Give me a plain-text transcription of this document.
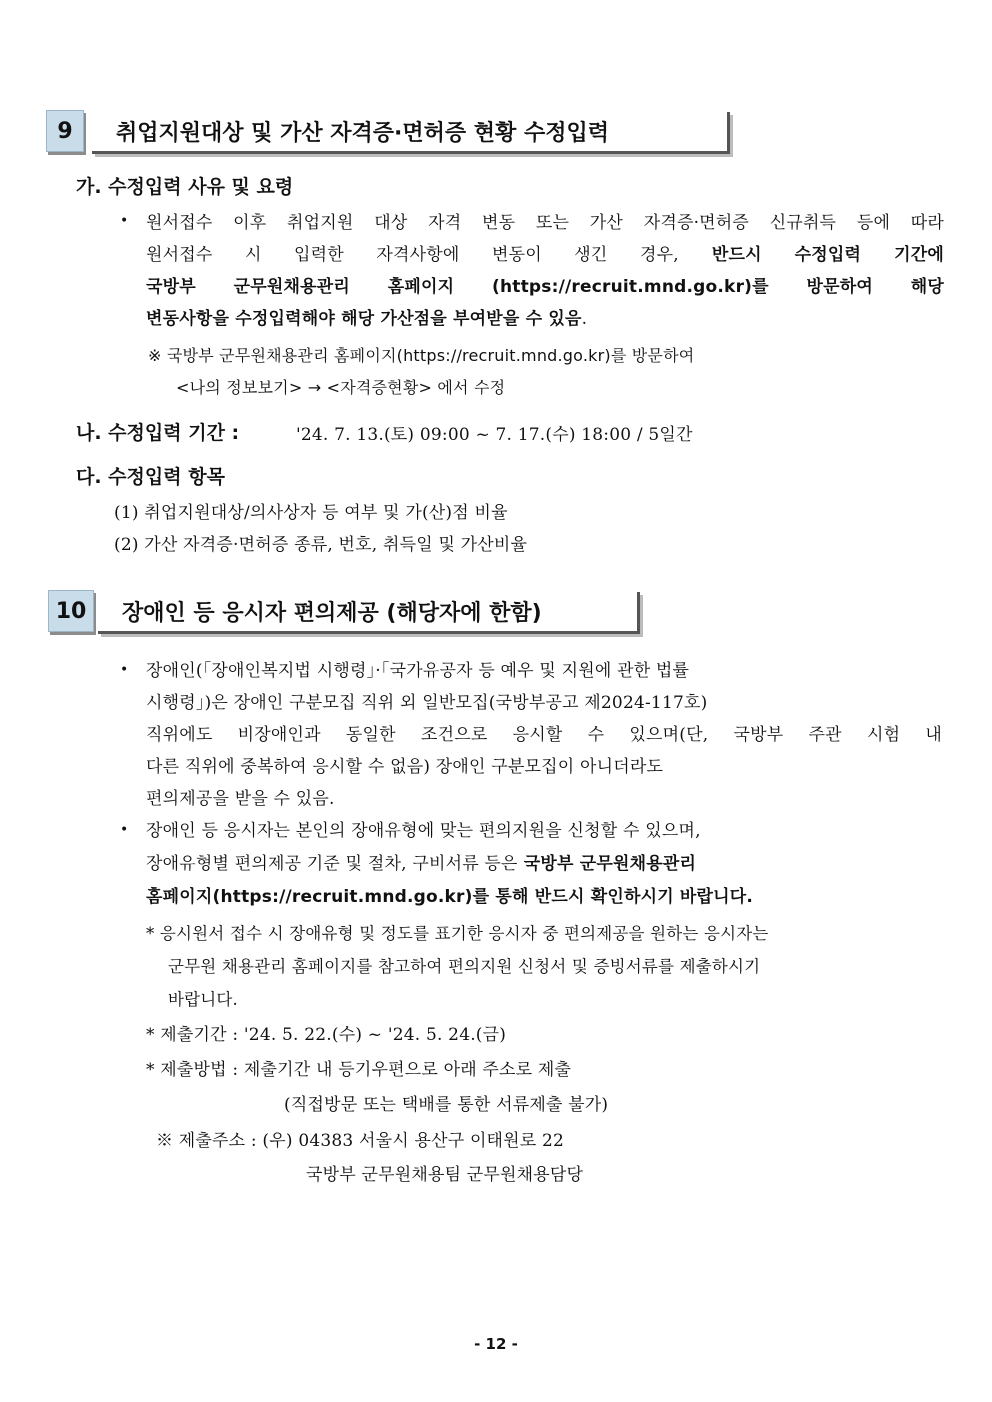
9	취업지원대상 및 가산 자격증·면허증 현황 수정입력
가. 수정입력 사유 및 요령
• 원서접수 이후 취업지원 대상 자격 변동 또는 가산 자격증·면허증 신규취득 등에 따라
원서접수 시 입력한 자격사항에 변동이 생긴 경우, 반드시 수정입력 기간에
국방부 군무원채용관리 홈페이지 (https://recruit.mnd.go.kr)를 방문하여 해당
변동사항을 수정입력해야 해당 가산점을 부여받을 수 있음.
※ 국방부 군무원채용관리 홈페이지(https://recruit.mnd.go.kr)를 방문하여
<나의 정보보기> → <자격증현황> 에서 수정
나. 수정입력 기간 :	'24. 7. 13.(토) 09:00 ~ 7. 17.(수) 18:00 / 5일간
다. 수정입력 항목
(1) 취업지원대상/의사상자 등 여부 및 가(산)점 비율
(2) 가산 자격증·면허증 종류, 번호, 취득일 및 가산비율
10	장애인 등 응시자 편의제공 (해당자에 한함)
• 장애인(「장애인복지법 시행령」·「국가유공자 등 예우 및 지원에 관한 법률
시행령」)은 장애인 구분모집 직위 외 일반모집(국방부공고 제2024-117호)
직위에도 비장애인과 동일한 조건으로 응시할 수 있으며(단, 국방부 주관 시험 내
다른 직위에 중복하여 응시할 수 없음) 장애인 구분모집이 아니더라도
편의제공을 받을 수 있음.
• 장애인 등 응시자는 본인의 장애유형에 맞는 편의지원을 신청할 수 있으며,
장애유형별 편의제공 기준 및 절차, 구비서류 등은 국방부 군무원채용관리
홈페이지(https://recruit.mnd.go.kr)를 통해 반드시 확인하시기 바랍니다.
* 응시원서 접수 시 장애유형 및 정도를 표기한 응시자 중 편의제공을 원하는 응시자는
군무원 채용관리 홈페이지를 참고하여 편의지원 신청서 및 증빙서류를 제출하시기
바랍니다.
* 제출기간 : '24. 5. 22.(수) ~ '24. 5. 24.(금)
* 제출방법 : 제출기간 내 등기우편으로 아래 주소로 제출
(직접방문 또는 택배를 통한 서류제출 불가)
※ 제출주소 : (우) 04383 서울시 용산구 이태원로 22
국방부 군무원채용팀 군무원채용담당
- 12 -
